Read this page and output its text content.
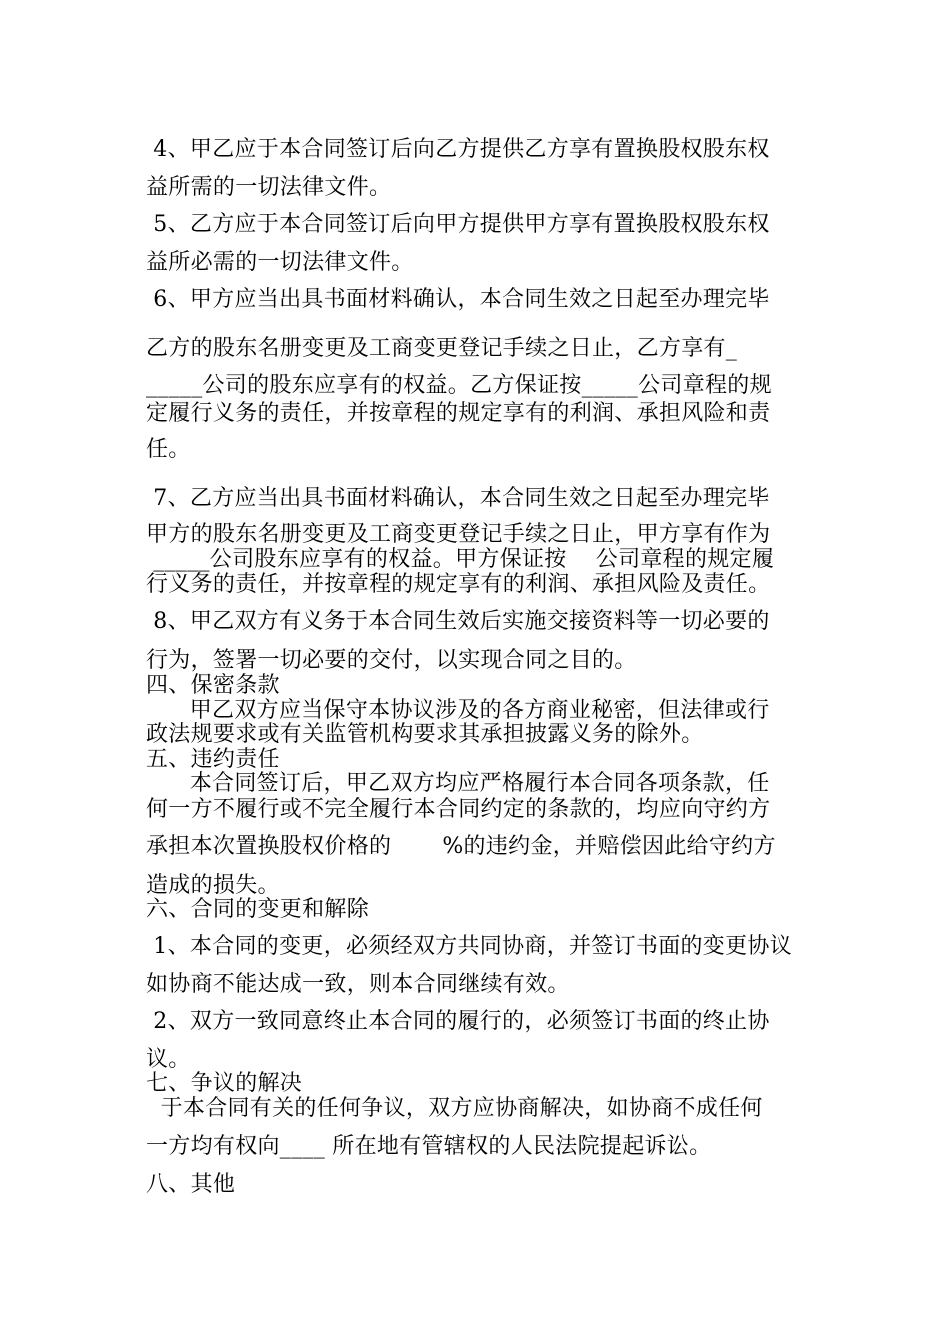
4、甲乙应于本合同签订后向乙方提供乙方享有置换股权股东权
益所需的一切法律文件。
5、乙方应于本合同签订后向甲方提供甲方享有置换股权股东权
益所必需的一切法律文件。
6、甲方应当出具书面材料确认，本合同生效之日起至办理完毕
乙方的股东名册变更及工商变更登记手续之日止，乙方享有_
_____公司的股东应享有的权益。乙方保证按_____公司章程的规
定履行义务的责任，并按章程的规定享有的利润、承担风险和责
任。
7、乙方应当出具书面材料确认，本合同生效之日起至办理完毕
甲方的股东名册变更及工商变更登记手续之日止，甲方享有作为
_____公司股东应享有的权益。甲方保证按    公司章程的规定履
行义务的责任，并按章程的规定享有的利润、承担风险及责任。
8、甲乙双方有义务于本合同生效后实施交接资料等一切必要的
行为，签署一切必要的交付，以实现合同之目的。
四、保密条款
甲乙双方应当保守本协议涉及的各方商业秘密，但法律或行
政法规要求或有关监管机构要求其承担披露义务的除外。
五、违约责任
本合同签订后，甲乙双方均应严格履行本合同各项条款，任
何一方不履行或不完全履行本合同约定的条款的，均应向守约方
承担本次置换股权价格的       %的违约金，并赔偿因此给守约方
造成的损失。
六、合同的变更和解除
1、本合同的变更，必须经双方共同协商，并签订书面的变更协议
如协商不能达成一致，则本合同继续有效。
2、双方一致同意终止本合同的履行的，必须签订书面的终止协
议。
七、争议的解决
于本合同有关的任何争议，双方应协商解决，如协商不成任何
一方均有权向____ 所在地有管辖权的人民法院提起诉讼。
八、其他
